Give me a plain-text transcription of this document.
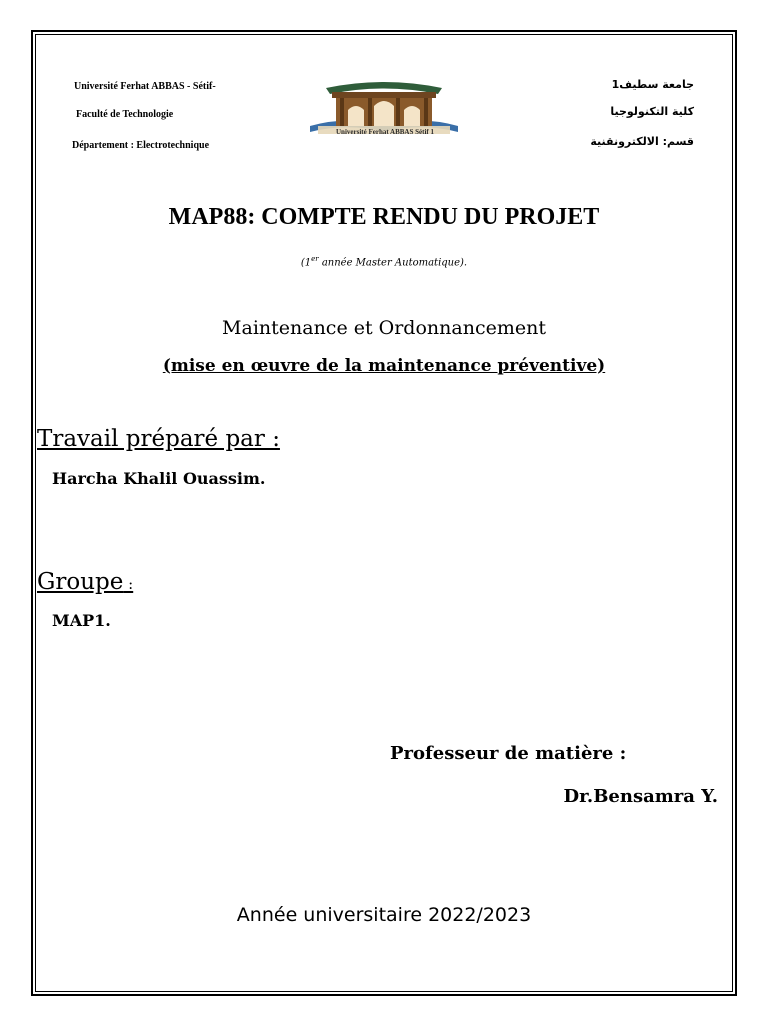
Université Ferhat ABBAS - Sétif-
Faculté de Technologie
Département : Electrotechnique
جامعة سطيف1
كلية التكنولوجيا
قسم: الالكترونقنية
Université Ferhat ABBAS Sétif 1
MAP88: COMPTE RENDU DU PROJET
(1er année Master Automatique).
Maintenance et Ordonnancement
(mise en œuvre de la maintenance préventive)
Travail préparé par :
Harcha Khalil Ouassim.
Groupe :
MAP1.
Professeur de matière :
Dr.Bensamra Y.
Année universitaire 2022/2023
